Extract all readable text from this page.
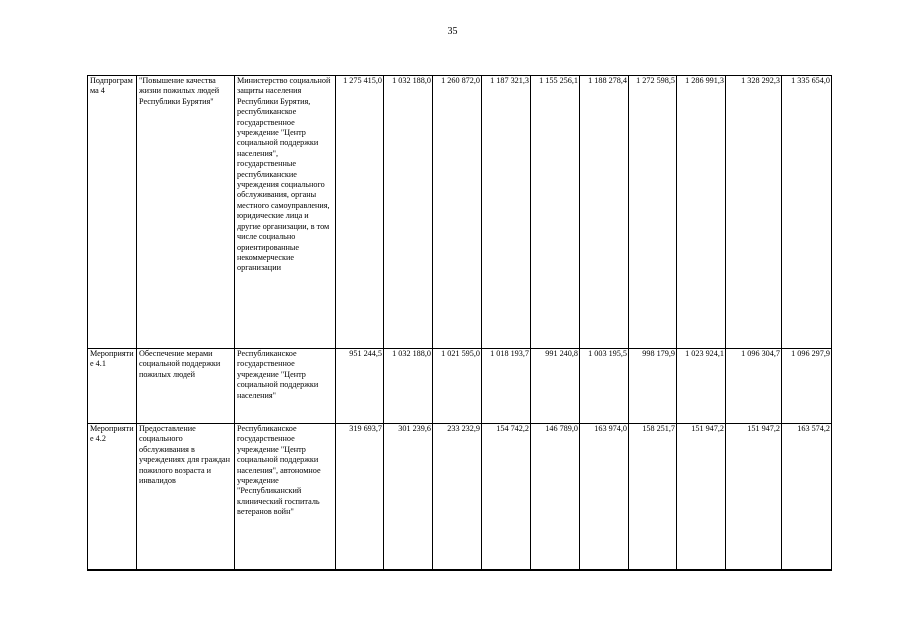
35
Подпрограмма 4	"Повышение качества жизни пожилых людей Республики Бурятия"	Министерство социальной защиты населения Республики Бурятия, республиканское государственное учреждение "Центр социальной поддержки населения", государственные республиканские учреждения социального обслуживания, органы местного самоуправления, юридические лица и другие организации, в том числе социально ориентированные некоммерческие организации	1 275 415,0	1 032 188,0	1 260 872,0	1 187 321,3	1 155 256,1	1 188 278,4	1 272 598,5	1 286 991,3	1 328 292,3	1 335 654,0
Мероприятие 4.1	Обеспечение мерами социальной поддержки пожилых людей	Республиканское государственное учреждение "Центр социальной поддержки населения"	951 244,5	1 032 188,0	1 021 595,0	1 018 193,7	991 240,8	1 003 195,5	998 179,9	1 023 924,1	1 096 304,7	1 096 297,9
Мероприятие 4.2	Предоставление социального обслуживания в учреждениях для граждан пожилого возраста и инвалидов	Республиканское государственное учреждение "Центр социальной поддержки населения", автономное учреждение "Республиканский клинический госпиталь ветеранов войн"	319 693,7	301 239,6	233 232,9	154 742,2	146 789,0	163 974,0	158 251,7	151 947,2	151 947,2	163 574,2
